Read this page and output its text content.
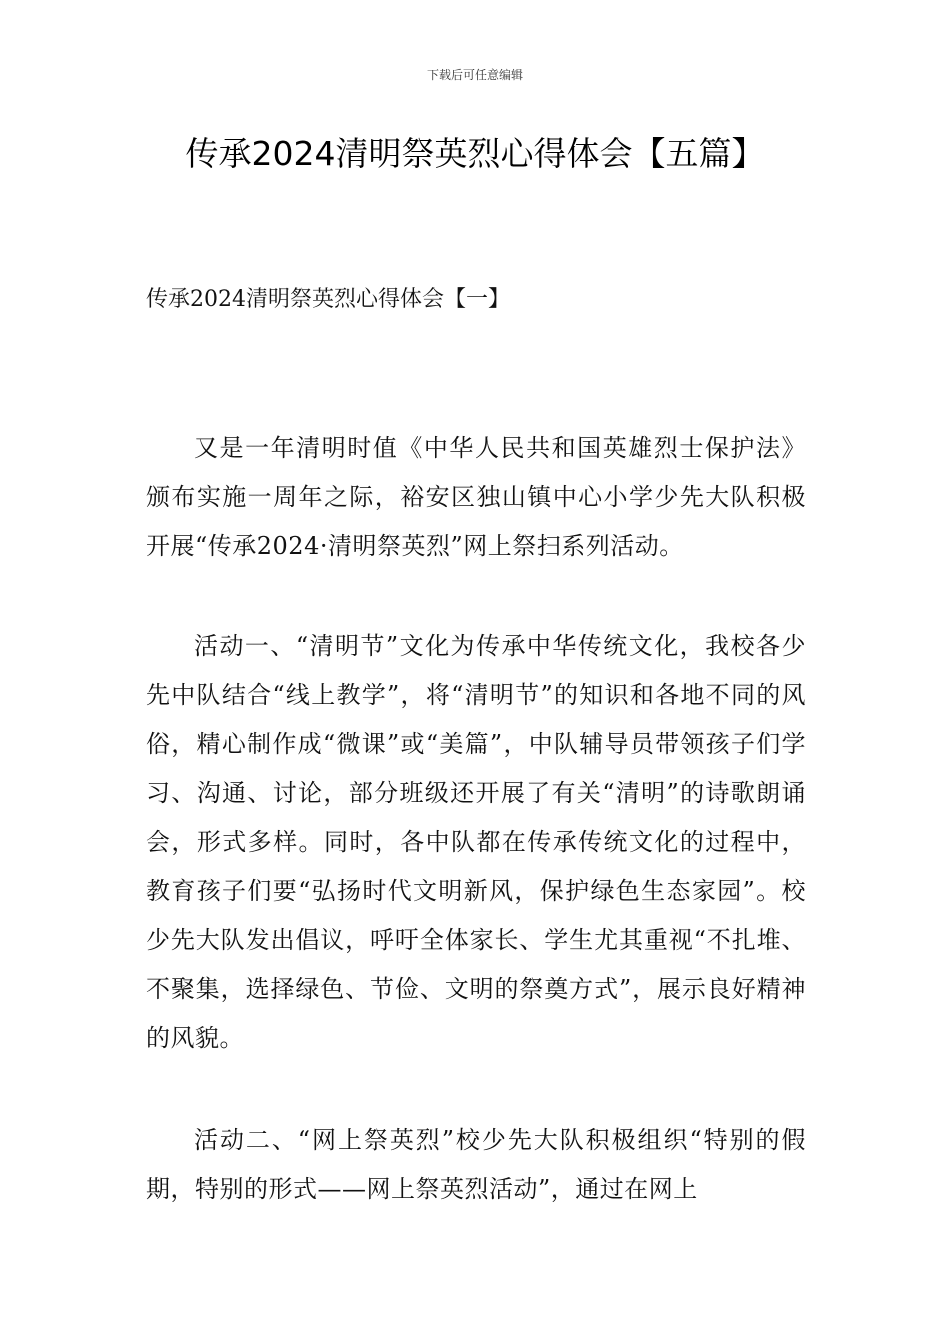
下载后可任意编辑
传承2024清明祭英烈心得体会【五篇】
传承2024清明祭英烈心得体会【一】

又是一年清明时值《中华人民共和国英雄烈士保护法》颁布实施一周年之际，裕安区独山镇中心小学少先大队积极开展“传承2024·清明祭英烈”网上祭扫系列活动。

活动一、“清明节”文化为传承中华传统文化，我校各少先中队结合“线上教学”，将“清明节”的知识和各地不同的风俗，精心制作成“微课”或“美篇”，中队辅导员带领孩子们学习、沟通、讨论，部分班级还开展了有关“清明”的诗歌朗诵会，形式多样。同时，各中队都在传承传统文化的过程中，教育孩子们要“弘扬时代文明新风，保护绿色生态家园”。校少先大队发出倡议，呼吁全体家长、学生尤其重视“不扎堆、不聚集，选择绿色、节俭、文明的祭奠方式”，展示良好精神的风貌。

活动二、“网上祭英烈”校少先大队积极组织“特别的假期，特别的形式——网上祭英烈活动”，通过在网上
